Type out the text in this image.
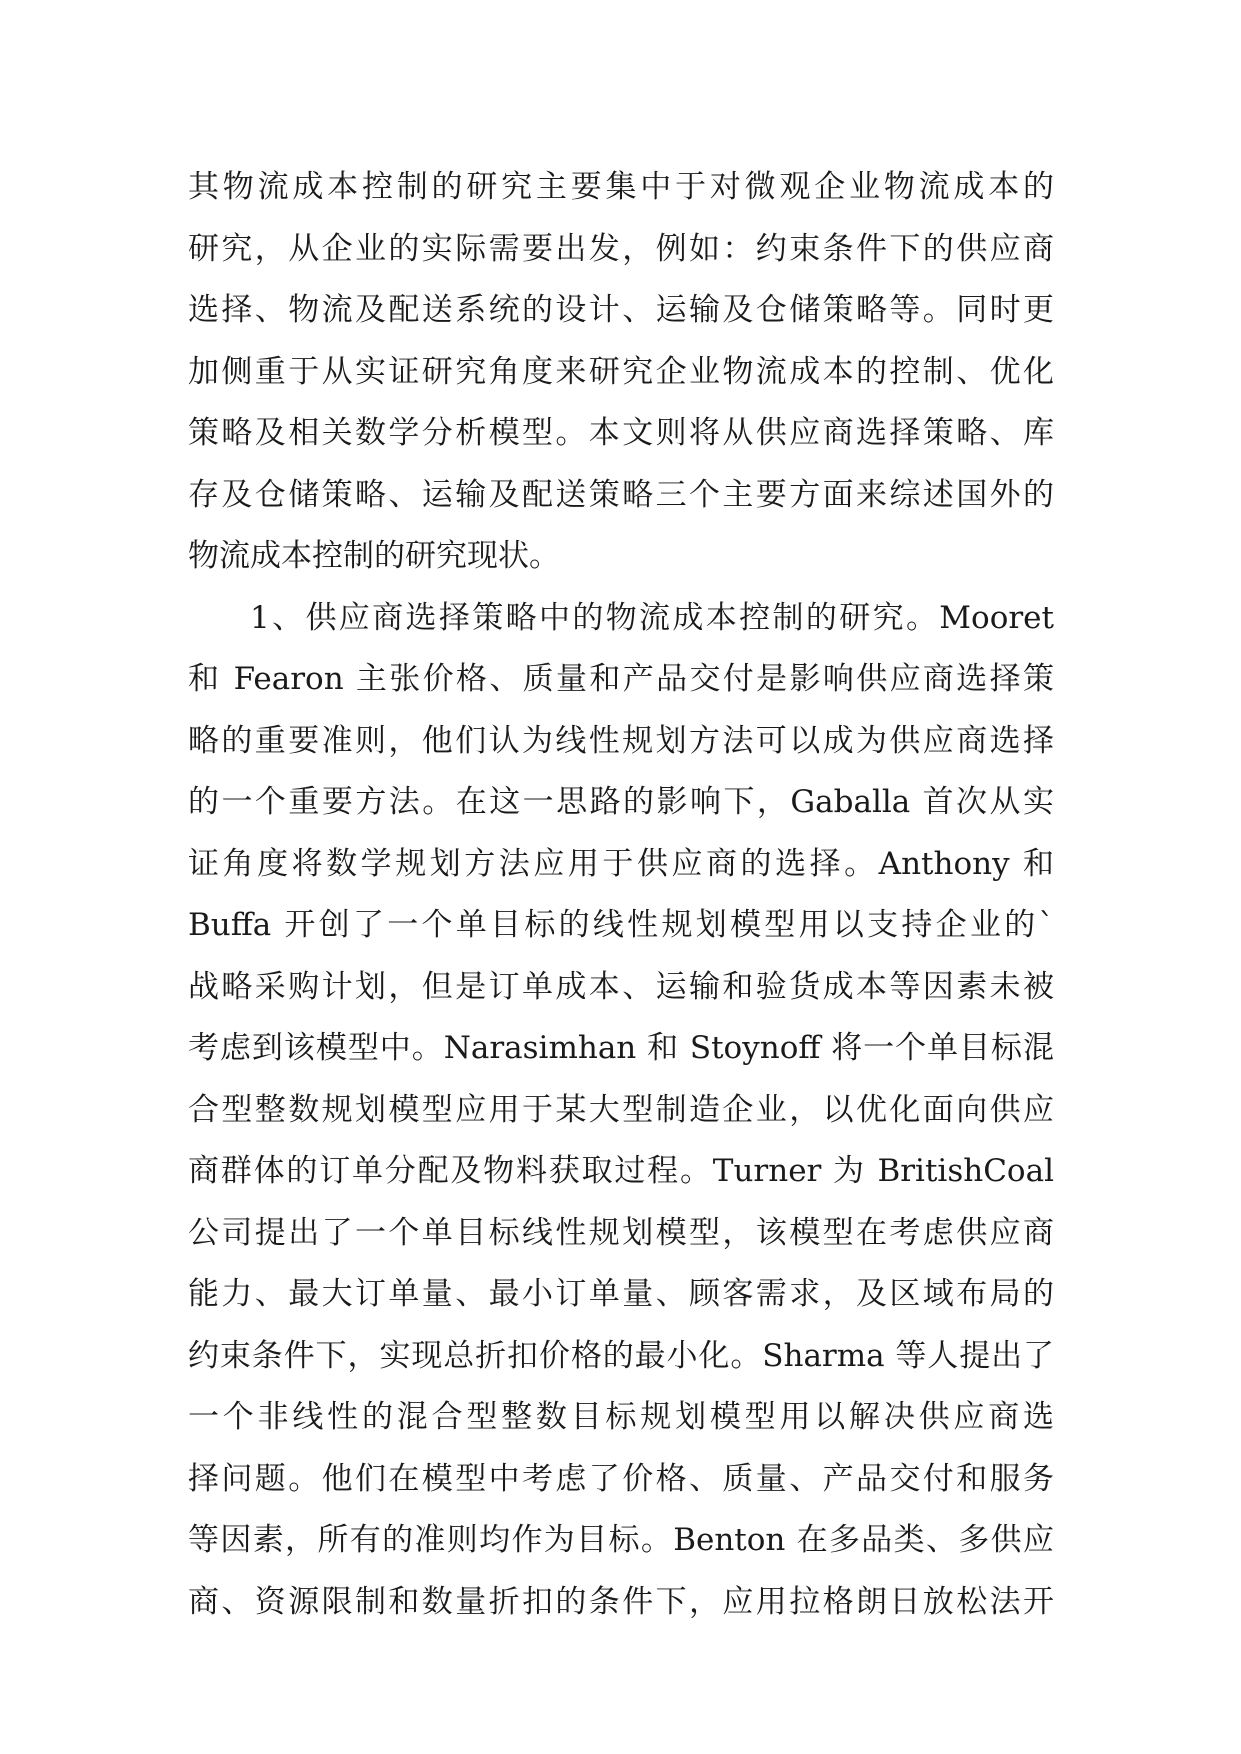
其物流成本控制的研究主要集中于对微观企业物流成本的
研究，从企业的实际需要出发，例如：约束条件下的供应商
选择、物流及配送系统的设计、运输及仓储策略等。同时更
加侧重于从实证研究角度来研究企业物流成本的控制、优化
策略及相关数学分析模型。本文则将从供应商选择策略、库
存及仓储策略、运输及配送策略三个主要方面来综述国外的
物流成本控制的研究现状。
1、供应商选择策略中的物流成本控制的研究。Mooret
和 Fearon 主张价格、质量和产品交付是影响供应商选择策
略的重要准则，他们认为线性规划方法可以成为供应商选择
的一个重要方法。在这一思路的影响下，Gaballa 首次从实
证角度将数学规划方法应用于供应商的选择。Anthony 和
Buffa 开创了一个单目标的线性规划模型用以支持企业的`
战略采购计划，但是订单成本、运输和验货成本等因素未被
考虑到该模型中。Narasimhan 和 Stoynoff 将一个单目标混
合型整数规划模型应用于某大型制造企业，以优化面向供应
商群体的订单分配及物料获取过程。Turner 为 BritishCoal
公司提出了一个单目标线性规划模型，该模型在考虑供应商
能力、最大订单量、最小订单量、顾客需求，及区域布局的
约束条件下，实现总折扣价格的最小化。Sharma 等人提出了
一个非线性的混合型整数目标规划模型用以解决供应商选
择问题。他们在模型中考虑了价格、质量、产品交付和服务
等因素，所有的准则均作为目标。Benton 在多品类、多供应
商、资源限制和数量折扣的条件下，应用拉格朗日放松法开
